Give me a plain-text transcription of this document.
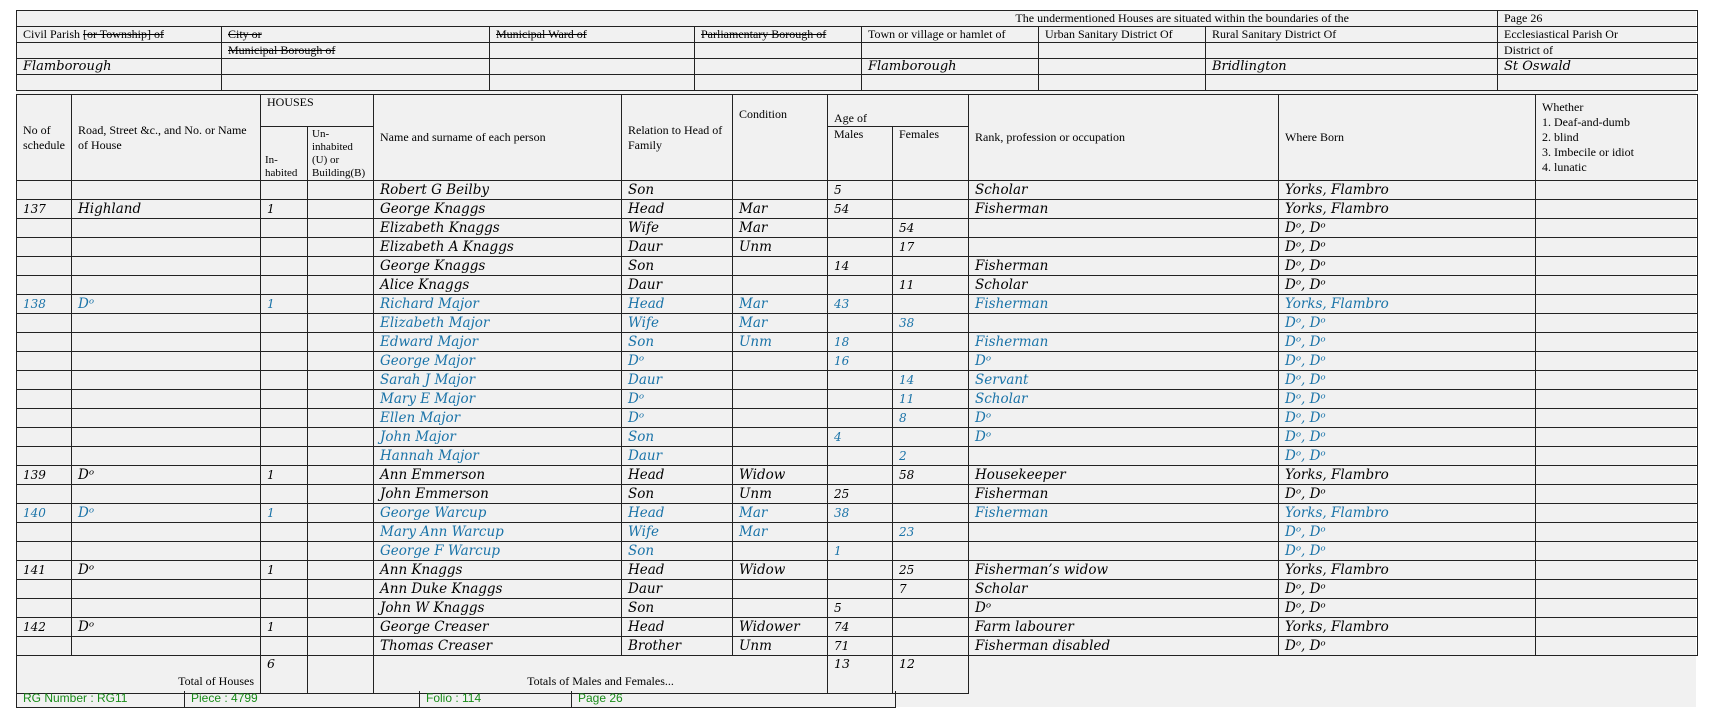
The undermentioned Houses are situated within the boundaries of the							Page 26
Civil Parish [or Township] of	City or	Municipal Ward of	Parliamentary Borough of	Town or village or hamlet of	Urban Sanitary District Of	Rural Sanitary District Of	Ecclesiastical Parish Or
	Municipal Borough of						District of
Flamborough				Flamborough		Bridlington	St Oswald

No of schedule	Road, Street &c., and No. or Name of House	HOUSES		Name and surname of each person	Relation to Head of Family	Condition	Age of		Rank, profession or occupation	Where Born	Whether
1. Deaf-and-dumb
2. blind
3. Imbecile or idiot
4. lunatic

		In-habited	Un-inhabited (U) or Building(B)				Males	Females			
				Robert G Beilby	Son		5		Scholar	Yorks, Flambro	
137	Highland	1		George Knaggs	Head	Mar	54		Fisherman	Yorks, Flambro	
				Elizabeth Knaggs	Wife	Mar		54		Dᵒ, Dᵒ	
				Elizabeth A Knaggs	Daur	Unm		17		Dᵒ, Dᵒ	
				George Knaggs	Son		14		Fisherman	Dᵒ, Dᵒ	
				Alice Knaggs	Daur			11	Scholar	Dᵒ, Dᵒ	
138	Dᵒ	1		Richard Major	Head	Mar	43		Fisherman	Yorks, Flambro	
				Elizabeth Major	Wife	Mar		38		Dᵒ, Dᵒ	
				Edward Major	Son	Unm	18		Fisherman	Dᵒ, Dᵒ	
				George Major	Dᵒ		16		Dᵒ	Dᵒ, Dᵒ	
				Sarah J Major	Daur			14	Servant	Dᵒ, Dᵒ	
				Mary E Major	Dᵒ			11	Scholar	Dᵒ, Dᵒ	
				Ellen Major	Dᵒ			8	Dᵒ	Dᵒ, Dᵒ	
				John Major	Son		4		Dᵒ	Dᵒ, Dᵒ	
				Hannah Major	Daur			2		Dᵒ, Dᵒ	
139	Dᵒ	1		Ann Emmerson	Head	Widow		58	Housekeeper	Yorks, Flambro	
				John Emmerson	Son	Unm	25		Fisherman	Dᵒ, Dᵒ	
140	Dᵒ	1		George Warcup	Head	Mar	38		Fisherman	Yorks, Flambro	
				Mary Ann Warcup	Wife	Mar		23		Dᵒ, Dᵒ	
				George F Warcup	Son		1			Dᵒ, Dᵒ	
141	Dᵒ	1		Ann Knaggs	Head	Widow		25	Fisherman’s widow	Yorks, Flambro	
				Ann Duke Knaggs	Daur			7	Scholar	Dᵒ, Dᵒ	
				John W Knaggs	Son		5		Dᵒ	Dᵒ, Dᵒ	
142	Dᵒ	1		George Creaser	Head	Widower	74		Farm labourer	Yorks, Flambro	
				Thomas Creaser	Brother	Unm	71		Fisherman disabled	Dᵒ, Dᵒ	
Total of Houses		6		Totals of Males and Females...			13	12			
RG Number : RG11	Piece : 4799	Folio : 114	Page 26
